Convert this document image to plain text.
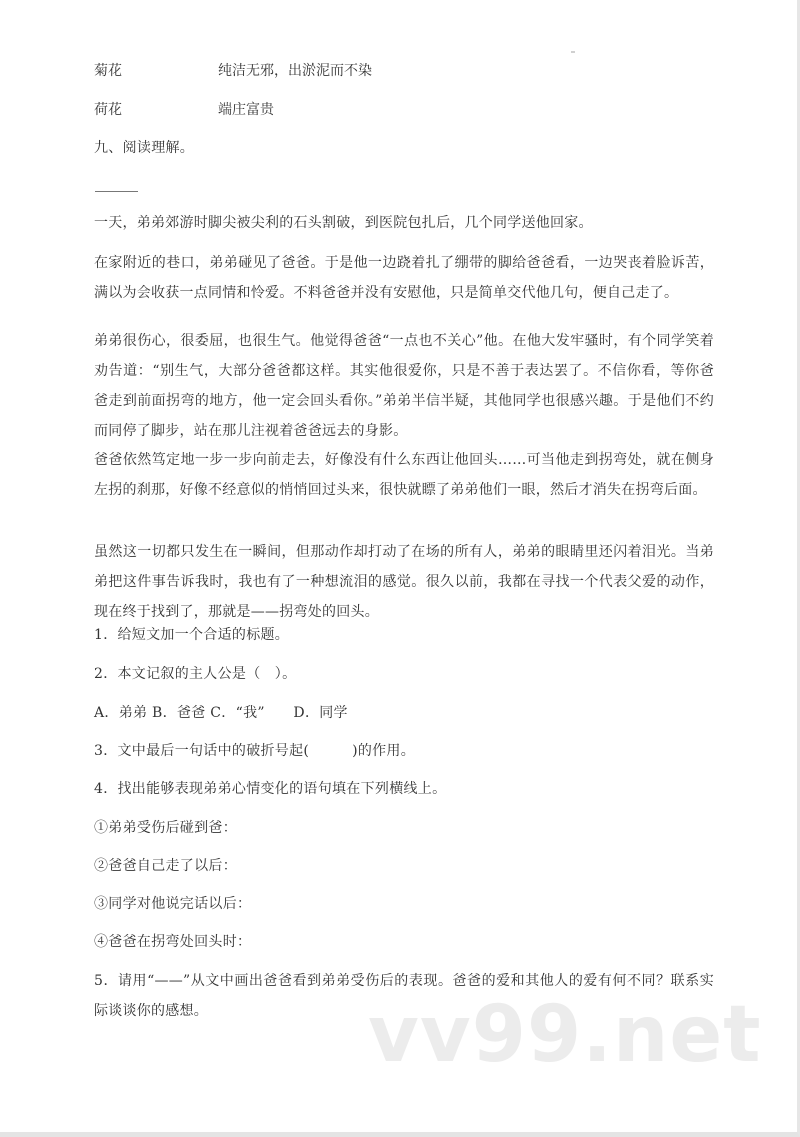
菊花	纯洁无邪，出淤泥而不染
荷花	端庄富贵
九、阅读理解。
一天，弟弟郊游时脚尖被尖利的石头割破，到医院包扎后，几个同学送他回家。
在家附近的巷口，弟弟碰见了爸爸。于是他一边跷着扎了绷带的脚给爸爸看，一边哭丧着脸诉苦，满以为会收获一点同情和怜爱。不料爸爸并没有安慰他，只是简单交代他几句，便自己走了。
弟弟很伤心，很委屈，也很生气。他觉得爸爸“一点也不关心”他。在他大发牢骚时，有个同学笑着劝告道：“别生气，大部分爸爸都这样。其实他很爱你，只是不善于表达罢了。不信你看，等你爸爸走到前面拐弯的地方，他一定会回头看你。”弟弟半信半疑，其他同学也很感兴趣。于是他们不约而同停了脚步，站在那儿注视着爸爸远去的身影。
爸爸依然笃定地一步一步向前走去，好像没有什么东西让他回头……可当他走到拐弯处，就在侧身左拐的刹那，好像不经意似的悄悄回过头来，很快就瞟了弟弟他们一眼，然后才消失在拐弯后面。
虽然这一切都只发生在一瞬间，但那动作却打动了在场的所有人，弟弟的眼睛里还闪着泪光。当弟弟把这件事告诉我时，我也有了一种想流泪的感觉。很久以前，我都在寻找一个代表父爱的动作，现在终于找到了，那就是——拐弯处的回头。
1．给短文加一个合适的标题。
2．本文记叙的主人公是（　）。
A．弟弟 B．爸爸 C．“我”　　D．同学
3．文中最后一句话中的破折号起(　　　)的作用。
4．找出能够表现弟弟心情变化的语句填在下列横线上。
①弟弟受伤后碰到爸：
②爸爸自己走了以后：
③同学对他说完话以后：
④爸爸在拐弯处回头时：
5．请用“——”从文中画出爸爸看到弟弟受伤后的表现。爸爸的爱和其他人的爱有何不同？联系实际谈谈你的感想。	vv99.net
